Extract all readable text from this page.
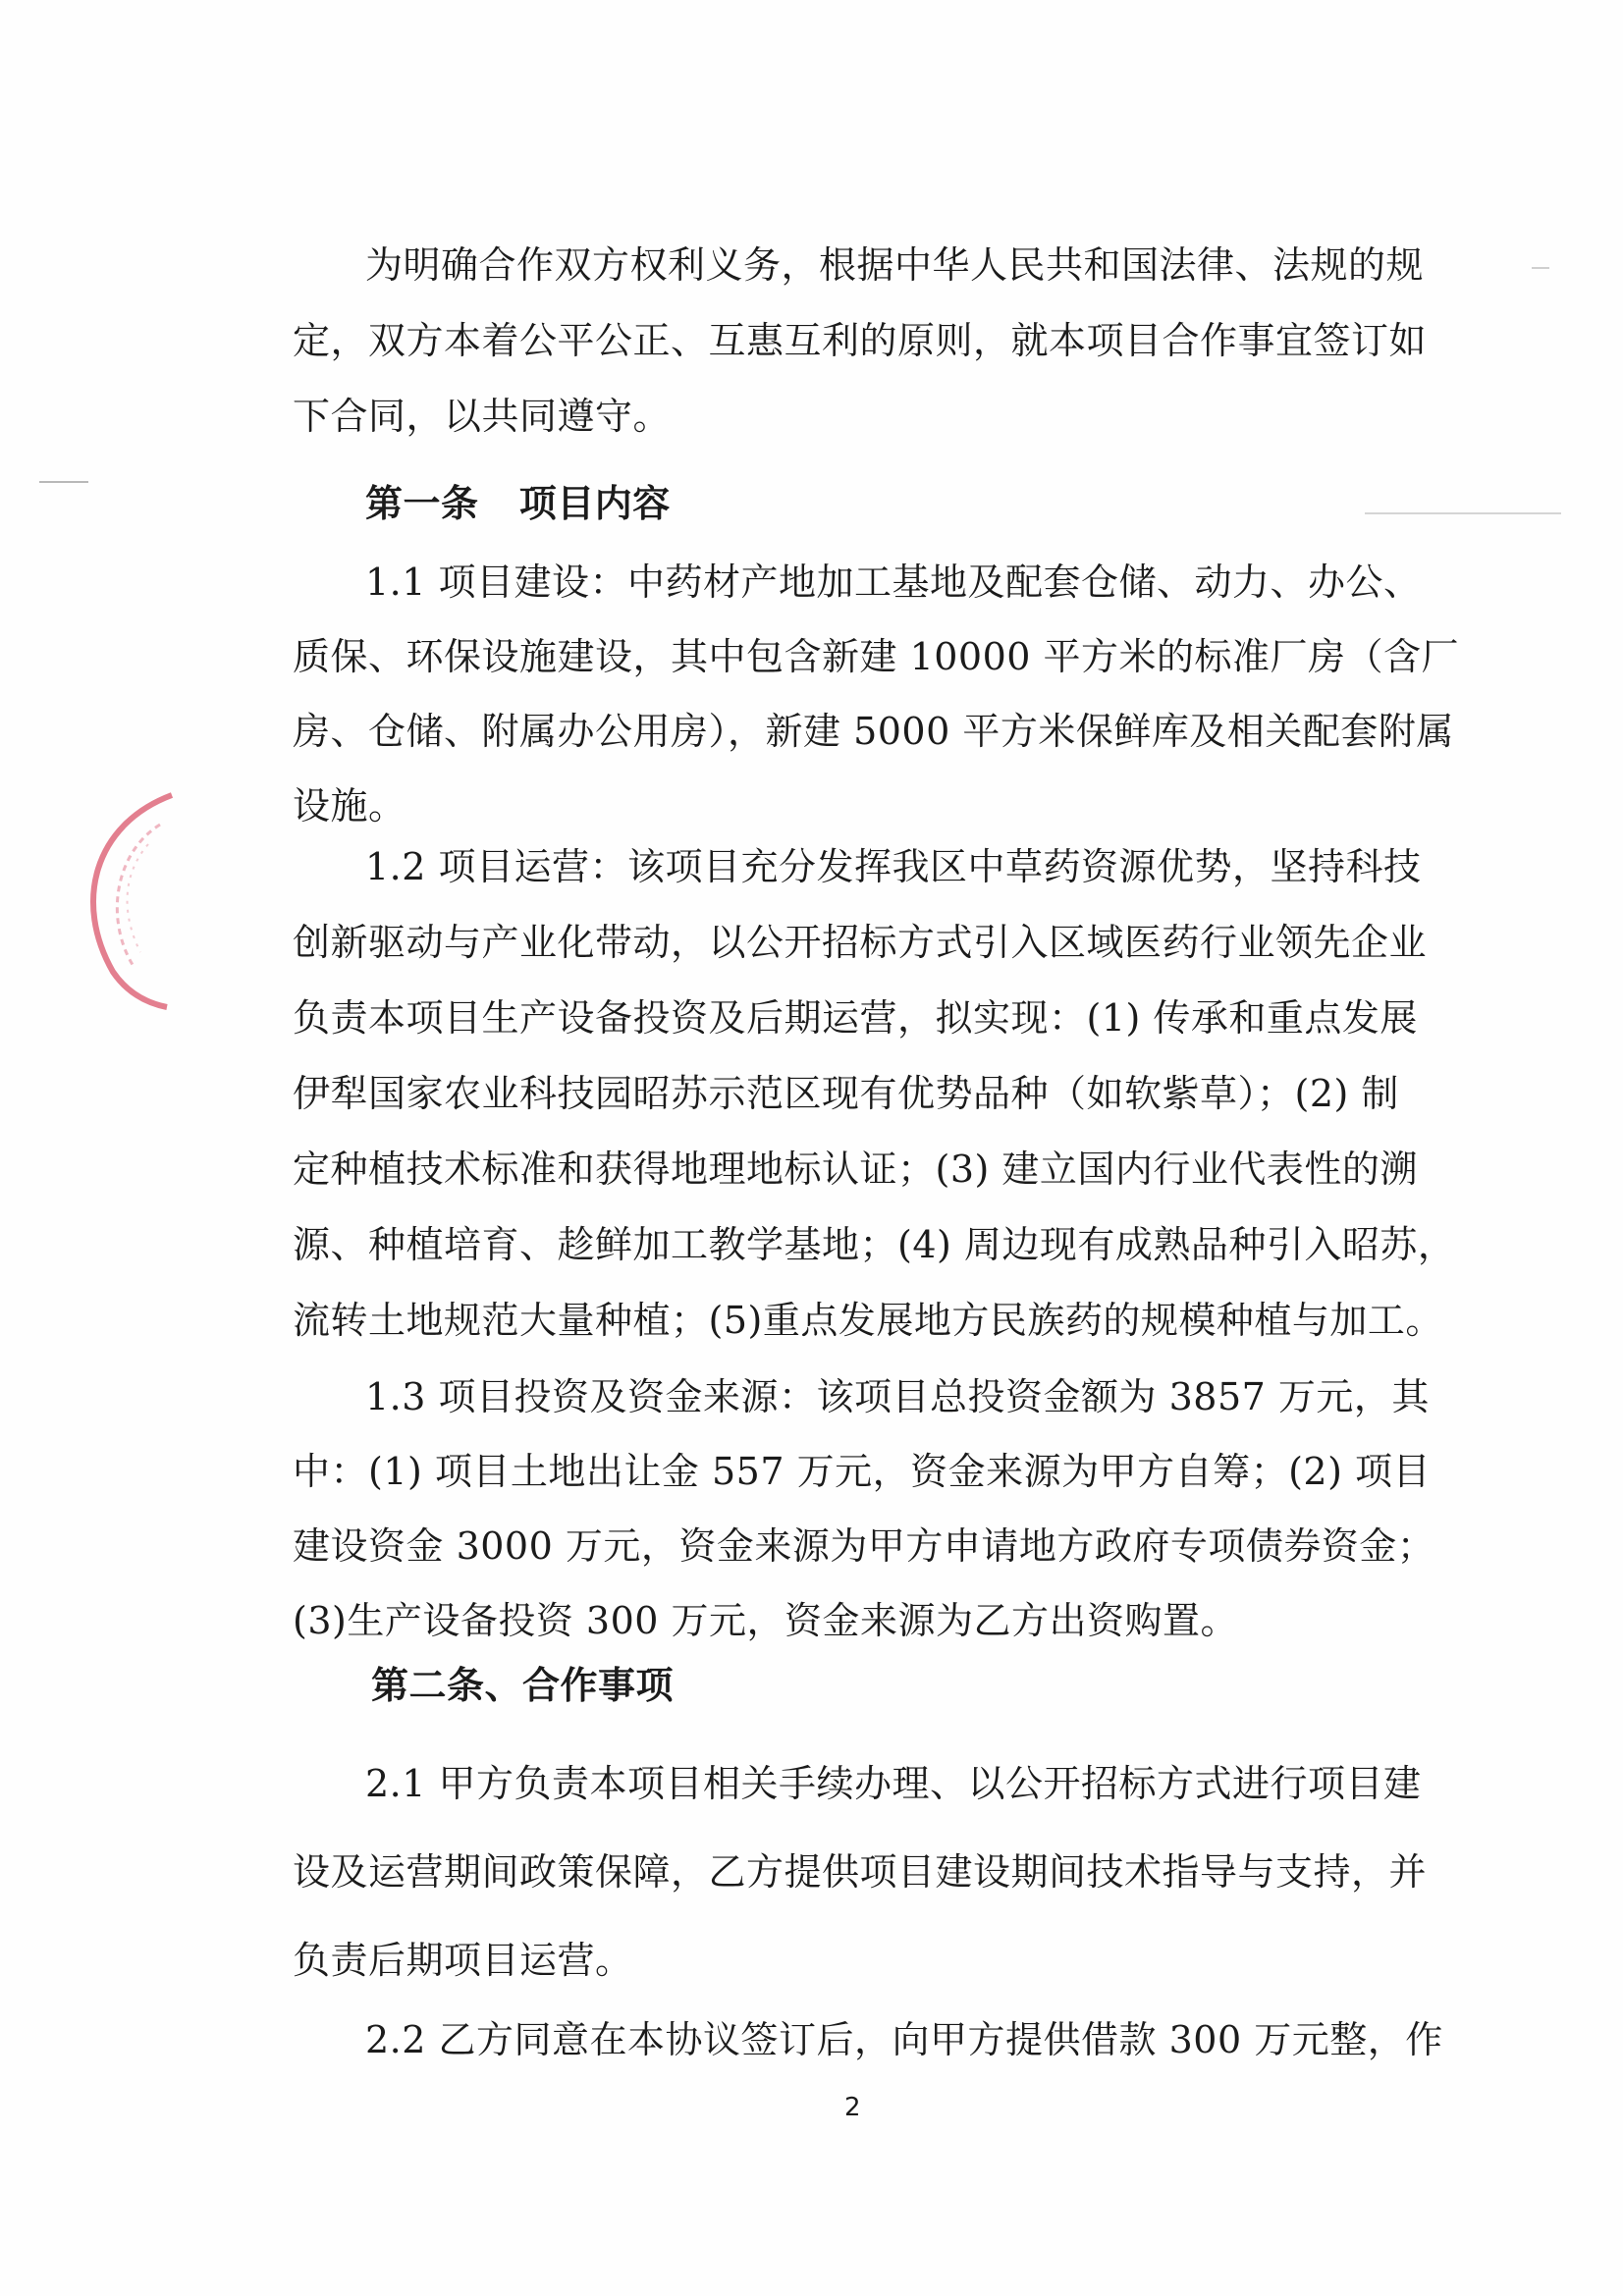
为明确合作双方权利义务，根据中华人民共和国法律、法规的规
定，双方本着公平公正、互惠互利的原则，就本项目合作事宜签订如
下合同，以共同遵守。
第一条   项目内容
1.1 项目建设：中药材产地加工基地及配套仓储、动力、办公、
质保、环保设施建设，其中包含新建 10000 平方米的标准厂房（含厂
房、仓储、附属办公用房），新建 5000 平方米保鲜库及相关配套附属
设施。
1.2 项目运营：该项目充分发挥我区中草药资源优势，坚持科技
创新驱动与产业化带动，以公开招标方式引入区域医药行业领先企业
负责本项目生产设备投资及后期运营，拟实现：(1) 传承和重点发展
伊犁国家农业科技园昭苏示范区现有优势品种（如软紫草）；(2) 制
定种植技术标准和获得地理地标认证；(3) 建立国内行业代表性的溯
源、种植培育、趁鲜加工教学基地；(4) 周边现有成熟品种引入昭苏，
流转土地规范大量种植；(5)重点发展地方民族药的规模种植与加工。
1.3 项目投资及资金来源：该项目总投资金额为 3857 万元，其
中：(1) 项目土地出让金 557 万元，资金来源为甲方自筹；(2) 项目
建设资金 3000 万元，资金来源为甲方申请地方政府专项债券资金；
(3)生产设备投资 300 万元，资金来源为乙方出资购置。
第二条、合作事项
2.1 甲方负责本项目相关手续办理、以公开招标方式进行项目建
设及运营期间政策保障，乙方提供项目建设期间技术指导与支持，并
负责后期项目运营。
2.2 乙方同意在本协议签订后，向甲方提供借款 300 万元整，作

2
